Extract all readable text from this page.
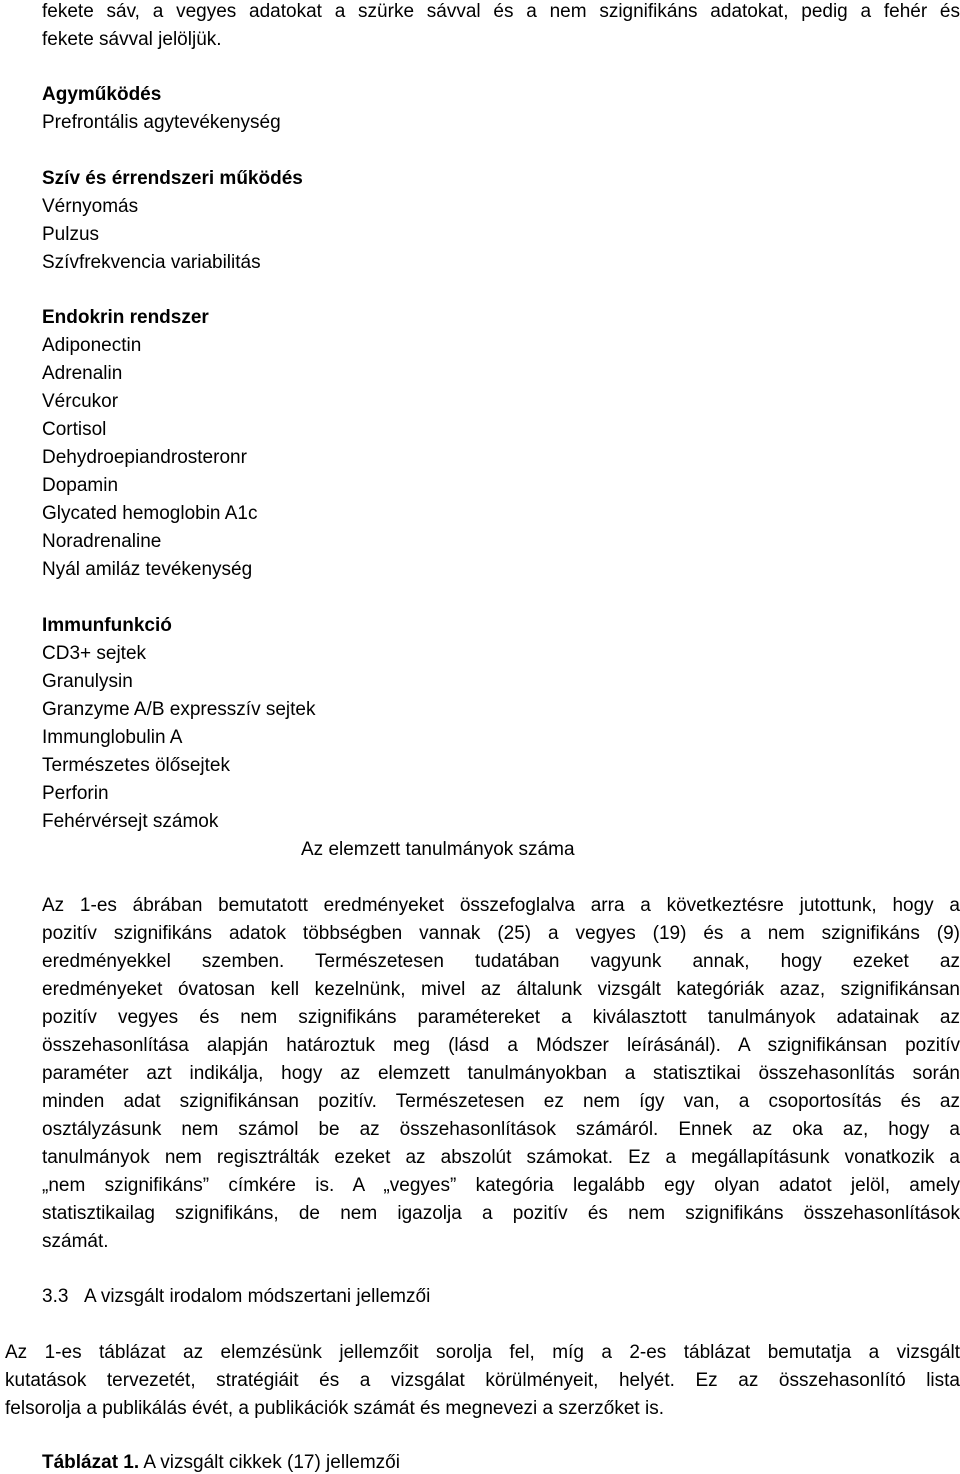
fekete sáv, a vegyes adatokat a szürke sávval és a nem szignifikáns adatokat, pedig a fehér és
fekete sávval jelöljük.
Agyműködés
Prefrontális agytevékenység
Szív és érrendszeri működés
Vérnyomás
Pulzus
Szívfrekvencia variabilitás
Endokrin rendszer
Adiponectin
Adrenalin
Vércukor
Cortisol
Dehydroepiandrosteronr
Dopamin
Glycated hemoglobin A1c
Noradrenaline
Nyál amiláz tevékenység
Immunfunkció
CD3+ sejtek
Granulysin
Granzyme A/B expresszív sejtek
Immunglobulin A
Természetes ölősejtek
Perforin
Fehérvérsejt számok
Az elemzett tanulmányok száma
Az 1-es ábrában bemutatott eredményeket összefoglalva arra a következtésre jutottunk, hogy a
pozitív szignifikáns adatok többségben vannak (25) a vegyes (19) és a nem szignifikáns (9)
eredményekkel szemben. Természetesen tudatában vagyunk annak, hogy ezeket az
eredményeket óvatosan kell kezelnünk, mivel az általunk vizsgált kategóriák azaz, szignifikánsan
pozitív vegyes és nem szignifikáns paramétereket a kiválasztott tanulmányok adatainak az
összehasonlítása alapján határoztuk meg (lásd a Módszer leírásánál). A szignifikánsan pozitív
paraméter azt indikálja, hogy az elemzett tanulmányokban a statisztikai összehasonlítás során
minden adat szignifikánsan pozitív. Természetesen ez nem így van, a csoportosítás és az
osztályzásunk nem számol be az összehasonlítások számáról. Ennek az oka az, hogy a
tanulmányok nem regisztrálták ezeket az abszolút számokat. Ez a megállapításunk vonatkozik a
„nem szignifikáns” címkére is. A „vegyes” kategória legalább egy olyan adatot jelöl, amely
statisztikailag szignifikáns, de nem igazolja a pozitív és nem szignifikáns összehasonlítások
számát.
3.3 A vizsgált irodalom módszertani jellemzői
Az 1-es táblázat az elemzésünk jellemzőit sorolja fel, míg a 2-es táblázat bemutatja a vizsgált
kutatások tervezetét, stratégiáit és a vizsgálat körülményeit, helyét. Ez az összehasonlító lista
felsorolja a publikálás évét, a publikációk számát és megnevezi a szerzőket is.
Táblázat 1. A vizsgált cikkek (17) jellemzői
